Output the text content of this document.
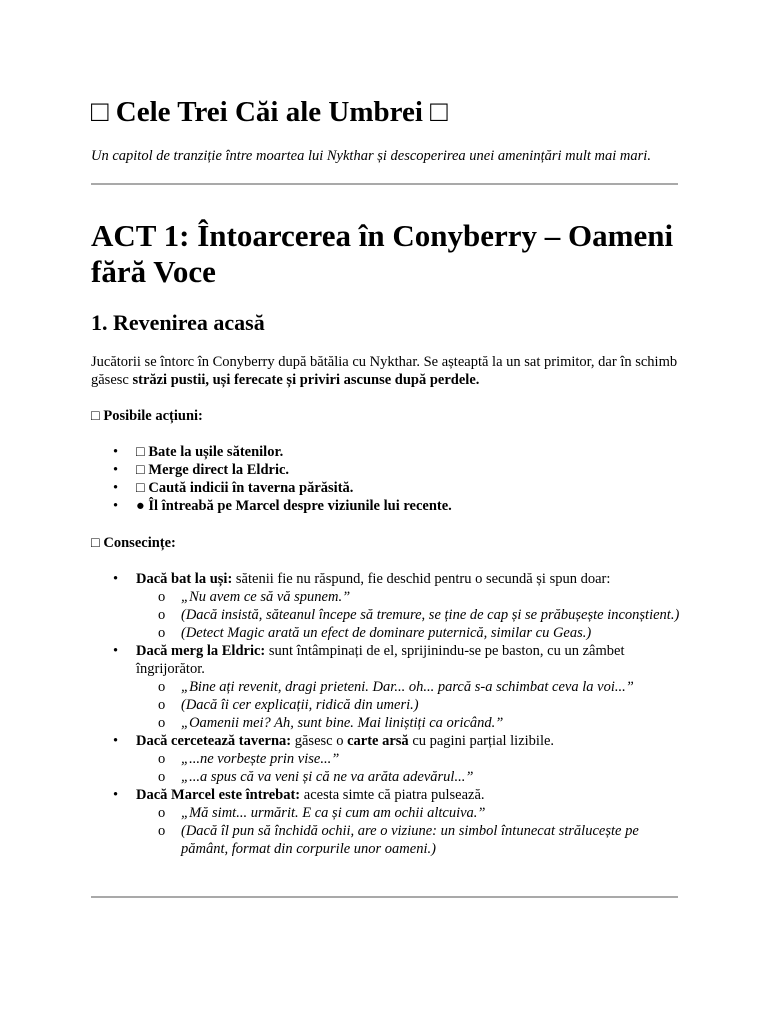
□ Cele Trei Căi ale Umbrei □

Un capitol de tranziție între moartea lui Nykthar și descoperirea unei amenințări mult mai mari.

ACT 1: Întoarcerea în Conyberry – Oameni fără Voce
1. Revenirea acasă

Jucătorii se întorc în Conyberry după bătălia cu Nykthar. Se așteaptă la un sat primitor, dar în schimb găsesc străzi pustii, uși ferecate și priviri ascunse după perdele.

□ Posibile acțiuni:

• □ Bate la ușile sătenilor.
• □ Merge direct la Eldric.
• □ Caută indicii în taverna părăsită.
• ● Îl întreabă pe Marcel despre viziunile lui recente.

□ Consecințe:

• Dacă bat la uși: sătenii fie nu răspund, fie deschid pentru o secundă și spun doar:
o „Nu avem ce să vă spunem.”
o (Dacă insistă, săteanul începe să tremure, se ține de cap și se prăbușește inconștient.)
o (Detect Magic arată un efect de dominare puternică, similar cu Geas.)
• Dacă merg la Eldric: sunt întâmpinați de el, sprijinindu-se pe baston, cu un zâmbet îngrijorător.
o „Bine ați revenit, dragi prieteni. Dar... oh... parcă s-a schimbat ceva la voi...”
o (Dacă îi cer explicații, ridică din umeri.)
o „Oamenii mei? Ah, sunt bine. Mai liniștiți ca oricând.”
• Dacă cercetează taverna: găsesc o carte arsă cu pagini parțial lizibile.
o „...ne vorbește prin vise...”
o „...a spus că va veni și că ne va arăta adevărul...”
• Dacă Marcel este întrebat: acesta simte că piatra pulsează.
o „Mă simt... urmărit. E ca și cum am ochii altcuiva.”
o (Dacă îl pun să închidă ochii, are o viziune: un simbol întunecat strălucește pe pământ, format din corpurile unor oameni.)
